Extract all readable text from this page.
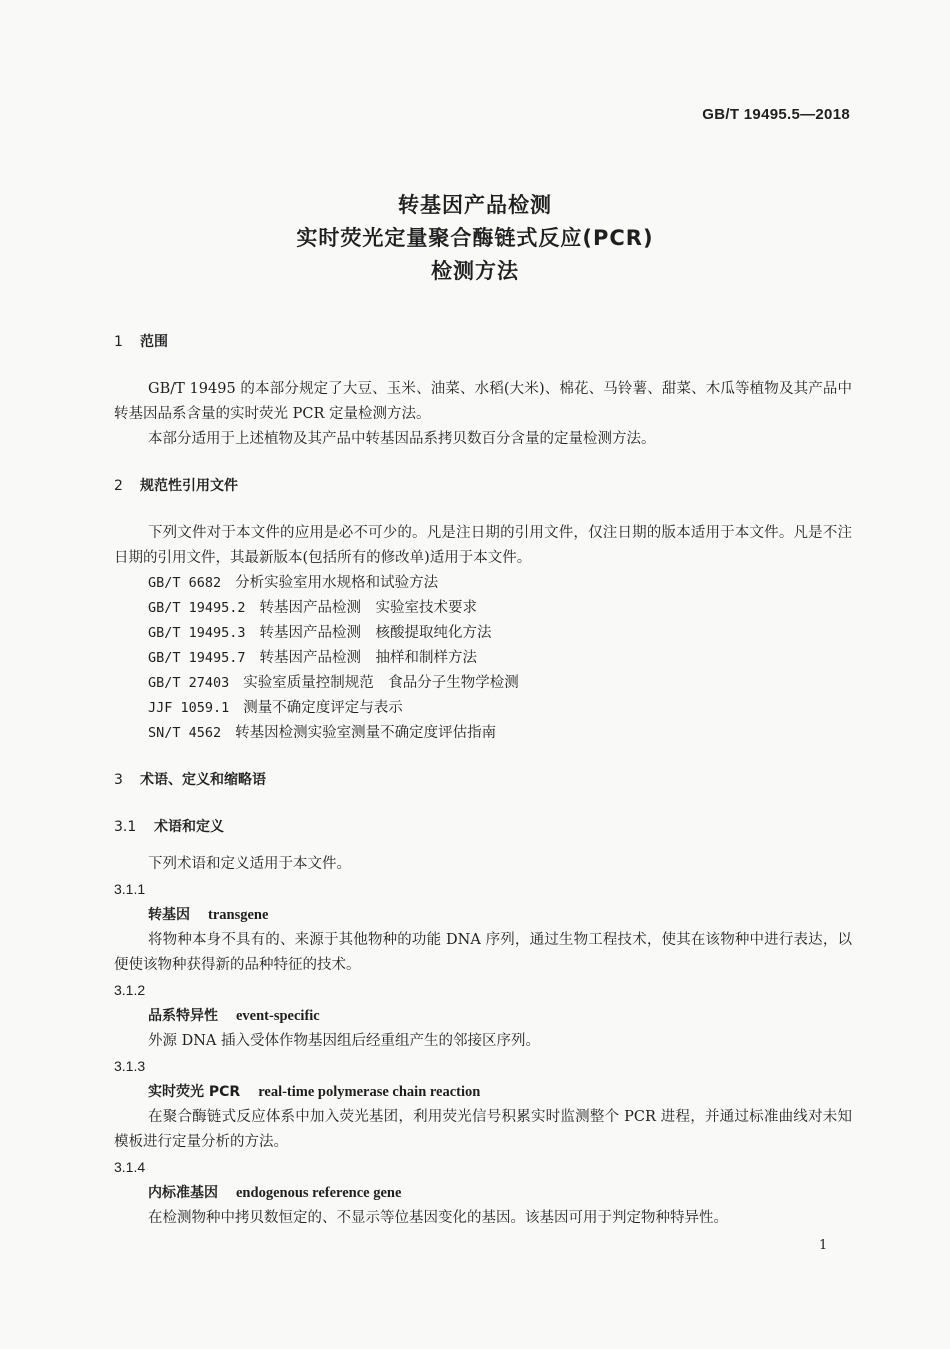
GB/T 19495.5—2018
转基因产品检测
实时荧光定量聚合酶链式反应(PCR)
检测方法
1 范围

GB/T 19495 的本部分规定了大豆、玉米、油菜、水稻(大米)、棉花、马铃薯、甜菜、木瓜等植物及其产品中转基因品系含量的实时荧光 PCR 定量检测方法。

本部分适用于上述植物及其产品中转基因品系拷贝数百分含量的定量检测方法。

2 规范性引用文件

下列文件对于本文件的应用是必不可少的。凡是注日期的引用文件，仅注日期的版本适用于本文件。凡是不注日期的引用文件，其最新版本(包括所有的修改单)适用于本文件。

GB/T 6682 分析实验室用水规格和试验方法
GB/T 19495.2 转基因产品检测　实验室技术要求
GB/T 19495.3 转基因产品检测　核酸提取纯化方法
GB/T 19495.7 转基因产品检测　抽样和制样方法
GB/T 27403 实验室质量控制规范　食品分子生物学检测
JJF 1059.1 测量不确定度评定与表示
SN/T 4562 转基因检测实验室测量不确定度评估指南
3 术语、定义和缩略语
3.1 术语和定义

下列术语和定义适用于本文件。

3.1.1
转基因 transgene

将物种本身不具有的、来源于其他物种的功能 DNA 序列，通过生物工程技术，使其在该物种中进行表达，以便使该物种获得新的品种特征的技术。

3.1.2
品系特异性 event-specific

外源 DNA 插入受体作物基因组后经重组产生的邻接区序列。

3.1.3
实时荧光 PCR real-time polymerase chain reaction

在聚合酶链式反应体系中加入荧光基团，利用荧光信号积累实时监测整个 PCR 进程，并通过标准曲线对未知模板进行定量分析的方法。

3.1.4
内标准基因 endogenous reference gene

在检测物种中拷贝数恒定的、不显示等位基因变化的基因。该基因可用于判定物种特异性。

1
